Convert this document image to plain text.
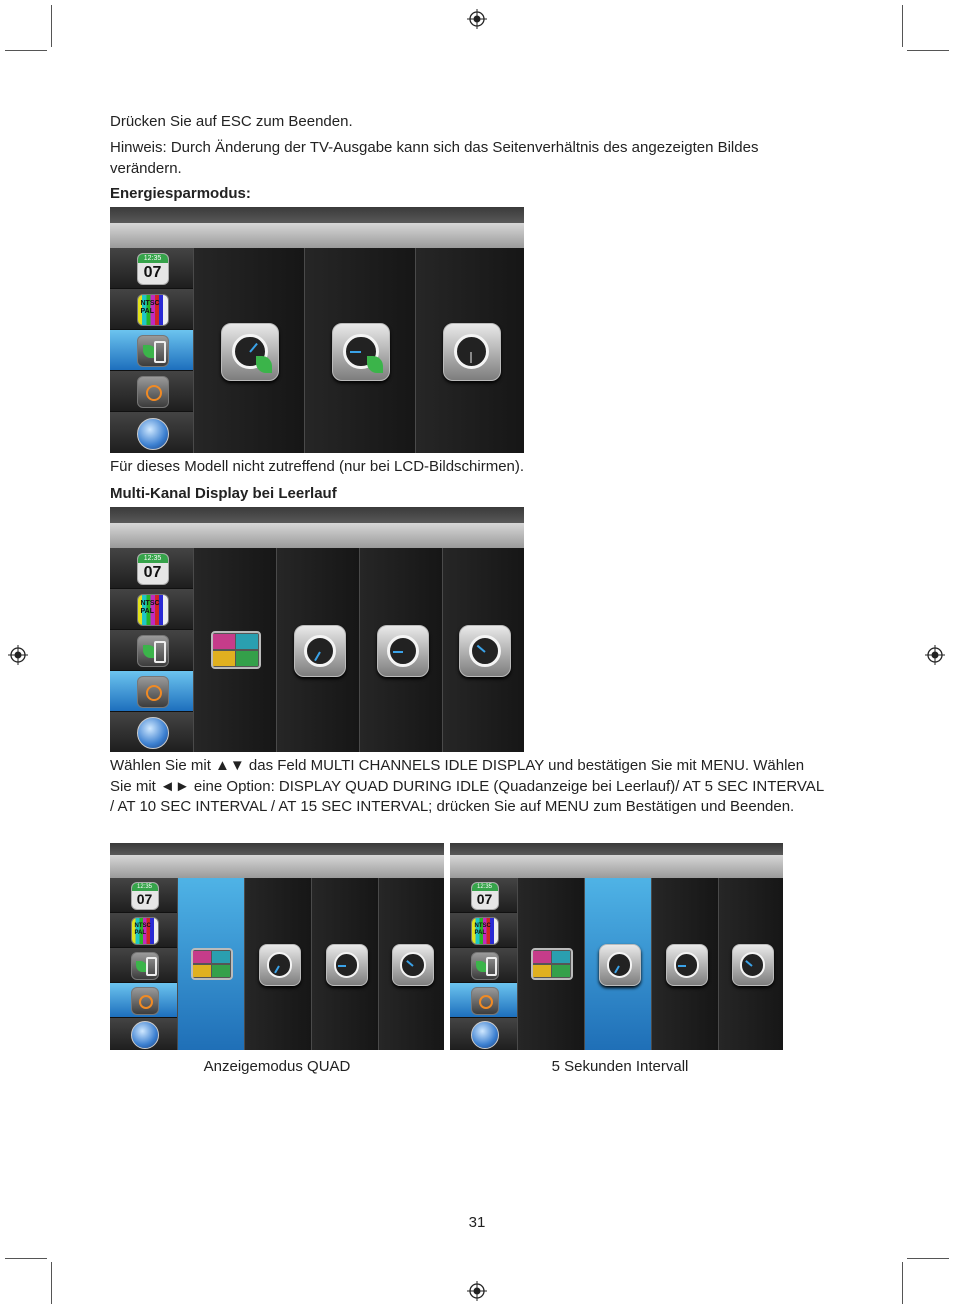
Drücken Sie auf ESC zum Beenden.
Hinweis: Durch Änderung der TV-Ausgabe kann sich das Seitenverhältnis des angezeigten Bildes verändern.
Energiesparmodus:
12:35
07
NTSC
PAL
Für dieses Modell nicht zutreffend (nur bei LCD-Bildschirmen).
Multi-Kanal Display bei Leerlauf
12:35
07
NTSC
PAL
Wählen Sie mit ▲▼ das Feld MULTI CHANNELS IDLE DISPLAY und bestätigen Sie mit MENU. Wählen Sie mit ◄► eine Option: DISPLAY QUAD DURING IDLE (Quadanzeige bei Leerlauf)/ AT 5 SEC INTERVAL / AT 10 SEC INTERVAL / AT 15 SEC INTERVAL; drücken Sie auf MENU zum Bestätigen und Beenden.
12:35
07
NTSC
PAL
12:35
07
NTSC
PAL
Anzeigemodus QUAD	5 Sekunden Intervall
31
